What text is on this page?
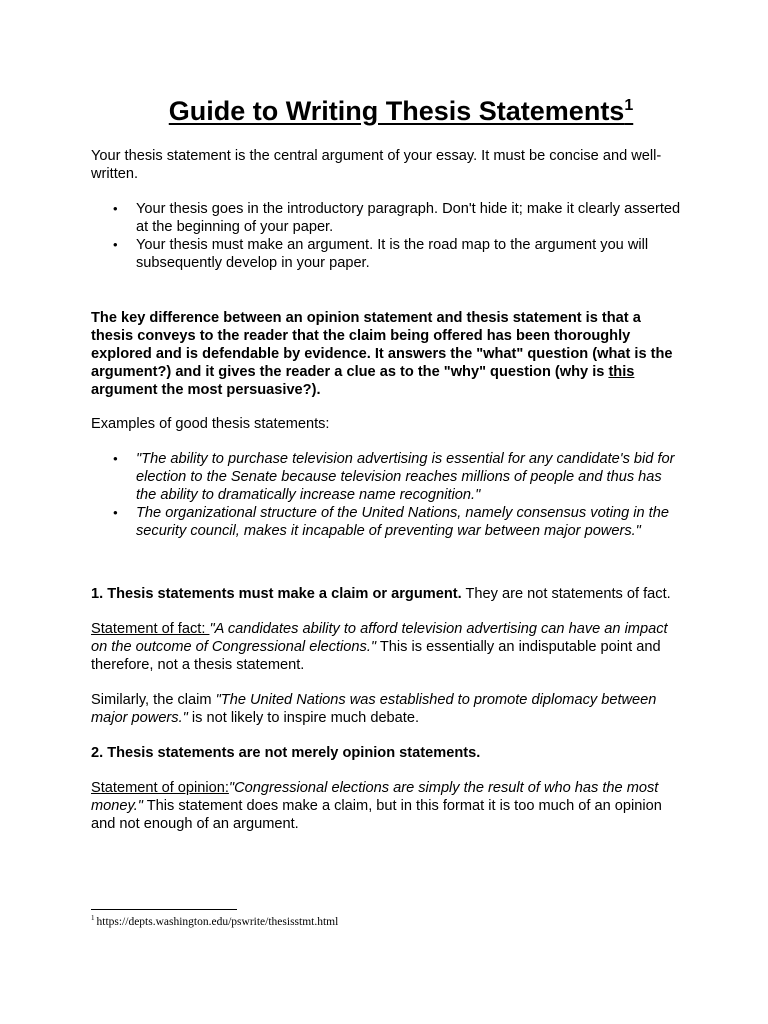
Guide to Writing Thesis Statements$^1$

Your thesis statement is the central argument of your essay. It must be concise and well-written.

• Your thesis goes in the introductory paragraph. Don't hide it; make it clearly asserted at the beginning of your paper.
• Your thesis must make an argument. It is the road map to the argument you will subsequently develop in your paper.

The key difference between an opinion statement and thesis statement is that a thesis conveys to the reader that the claim being offered has been thoroughly explored and is defendable by evidence. It answers the "what" question (what is the argument?) and it gives the reader a clue as to the "why" question (why is this argument the most persuasive?).

Examples of good thesis statements:

• "The ability to purchase television advertising is essential for any candidate's bid for election to the Senate because television reaches millions of people and thus has the ability to dramatically increase name recognition."
• The organizational structure of the United Nations, namely consensus voting in the security council, makes it incapable of preventing war between major powers."

1. Thesis statements must make a claim or argument. They are not statements of fact.

Statement of fact: "A candidates ability to afford television advertising can have an impact on the outcome of Congressional elections." This is essentially an indisputable point and therefore, not a thesis statement.

Similarly, the claim "The United Nations was established to promote diplomacy between major powers." is not likely to inspire much debate.

2. Thesis statements are not merely opinion statements.

Statement of opinion:"Congressional elections are simply the result of who has the most money." This statement does make a claim, but in this format it is too much of an opinion and not enough of an argument.

$^1$ https://depts.washington.edu/pswrite/thesisstmt.html
